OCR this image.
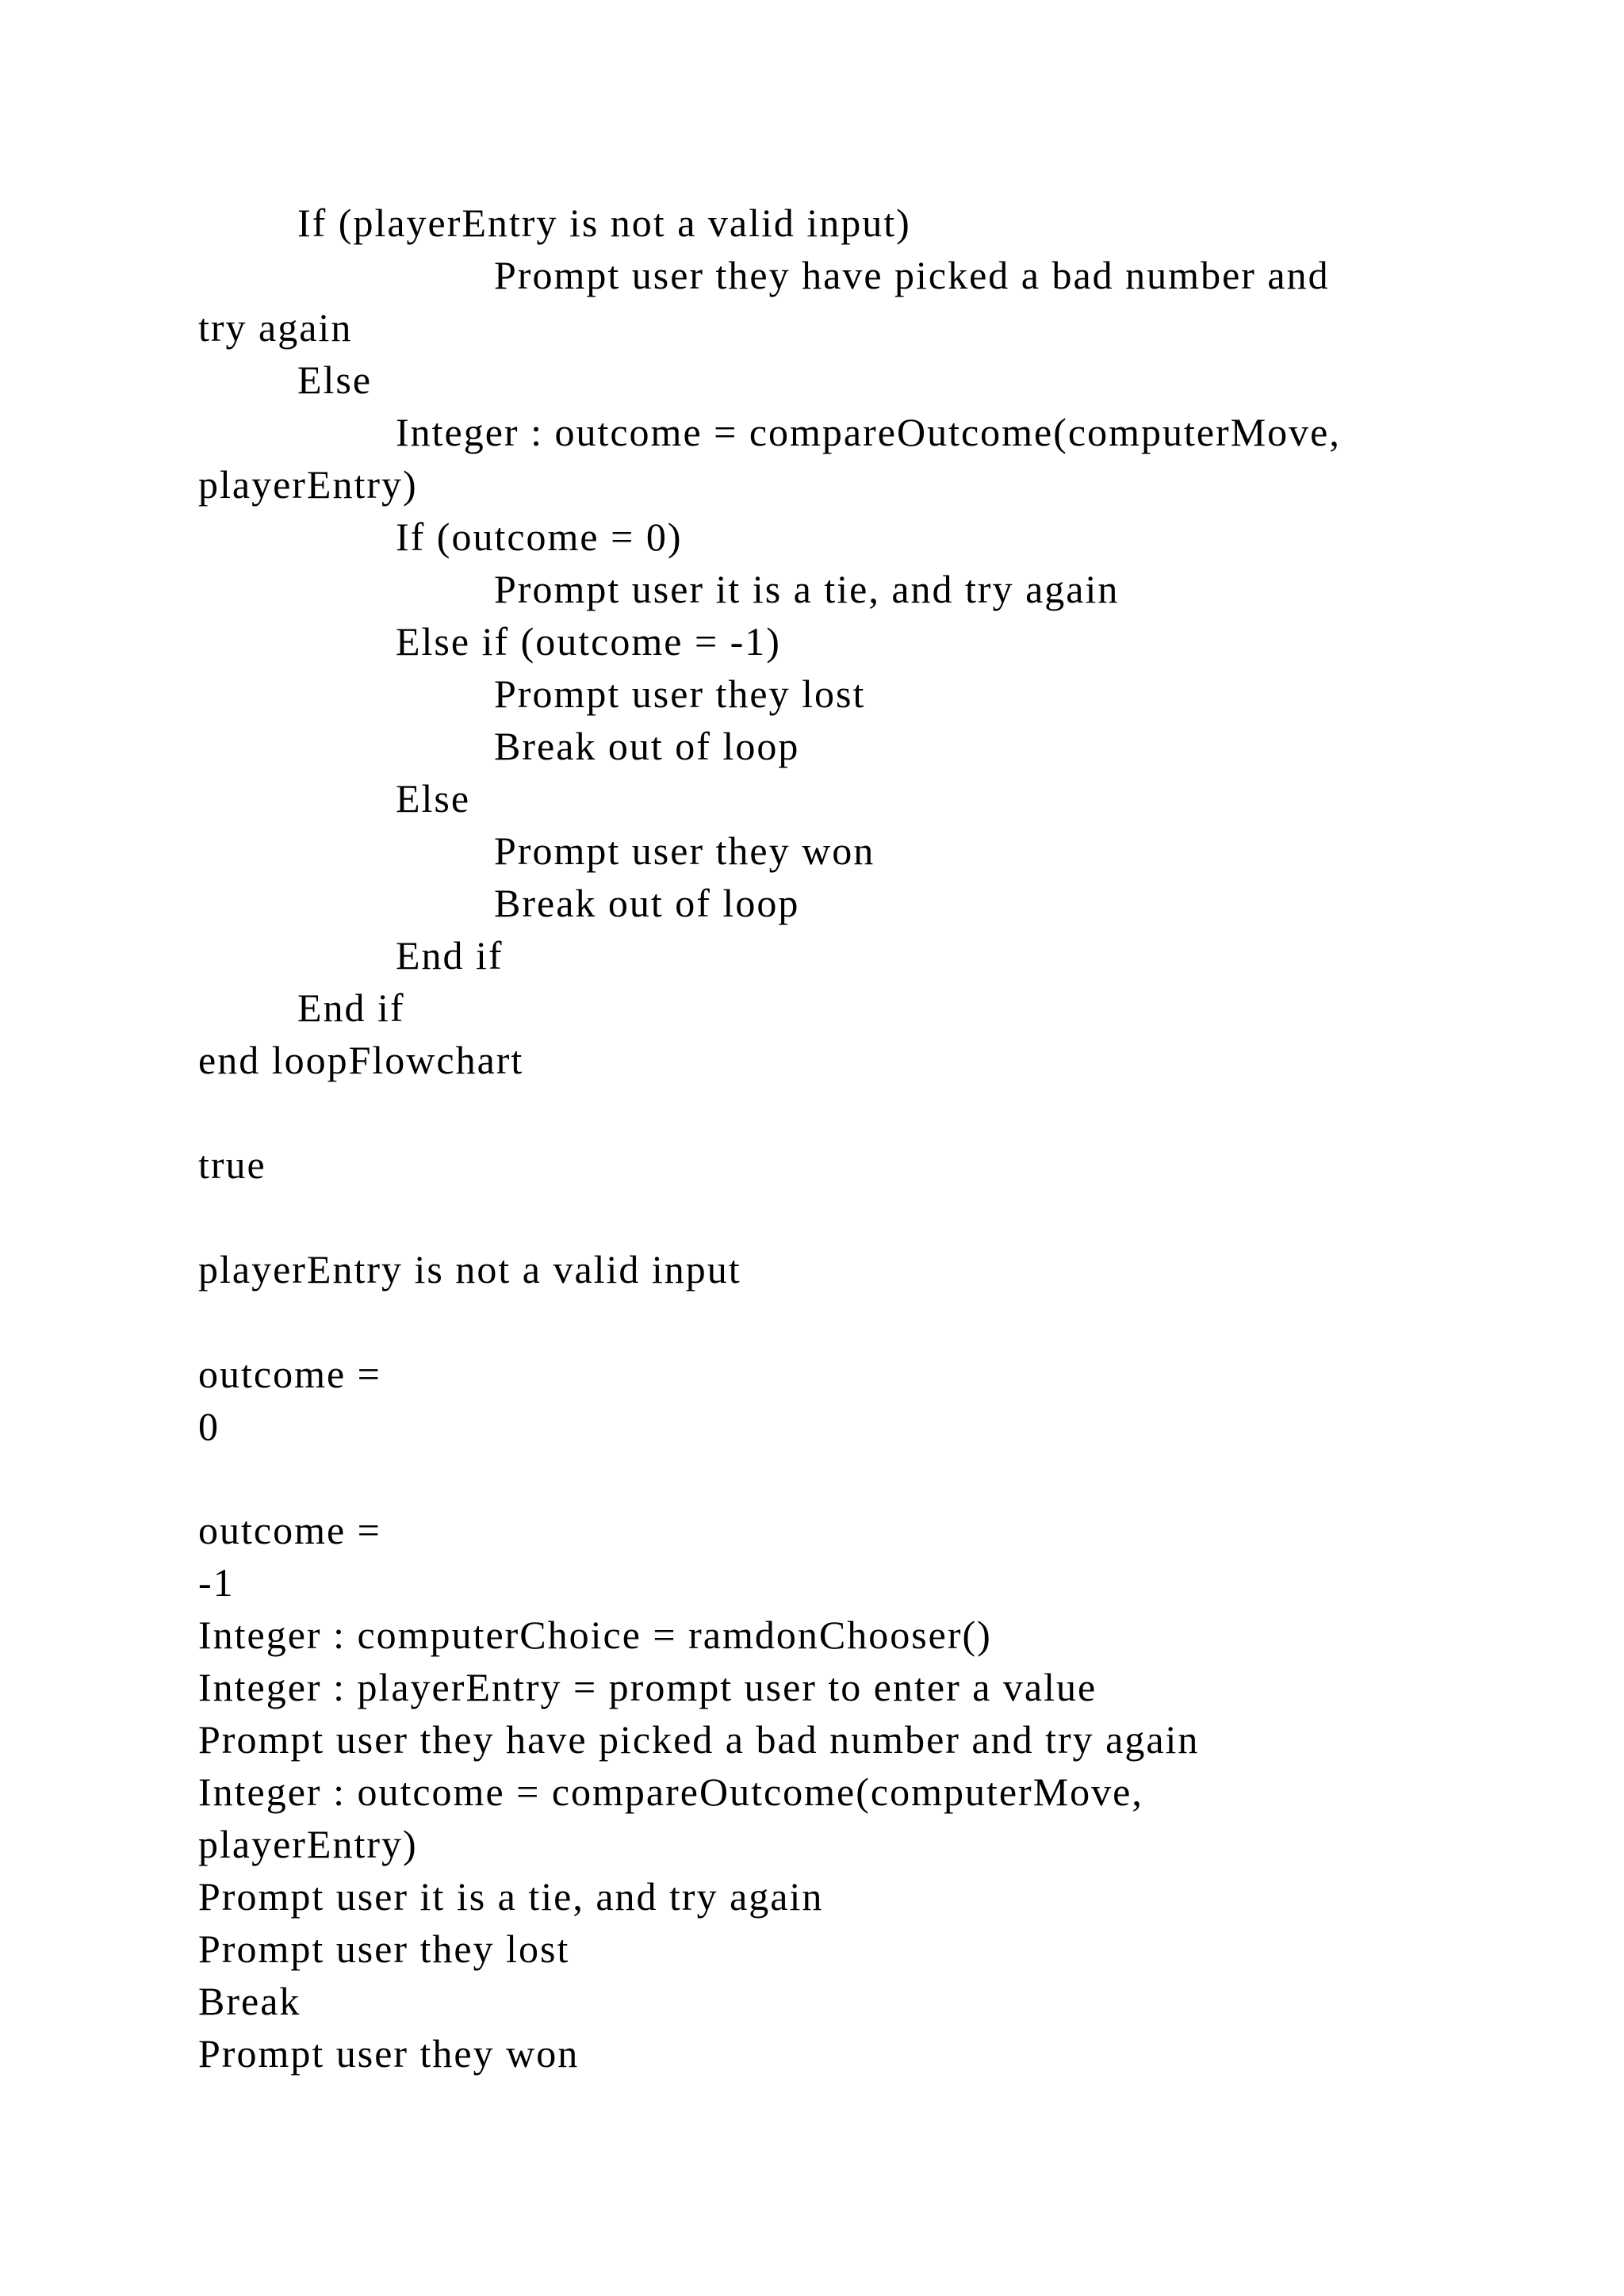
If (playerEntry is not a valid input)
Prompt user they have picked a bad number and
try again
Else
Integer : outcome = compareOutcome(computerMove,
playerEntry)
If (outcome = 0)
Prompt user it is a tie, and try again
Else if (outcome = -1)
Prompt user they lost
Break out of loop
Else
Prompt user they won
Break out of loop
End if
End if
end loopFlowchart
true
playerEntry is not a valid input
outcome =
0
outcome =
-1
Integer : computerChoice = ramdonChooser()
Integer : playerEntry = prompt user to enter a value
Prompt user they have picked a bad number and try again
Integer : outcome = compareOutcome(computerMove,
playerEntry)
Prompt user it is a tie, and try again
Prompt user they lost
Break
Prompt user they won
